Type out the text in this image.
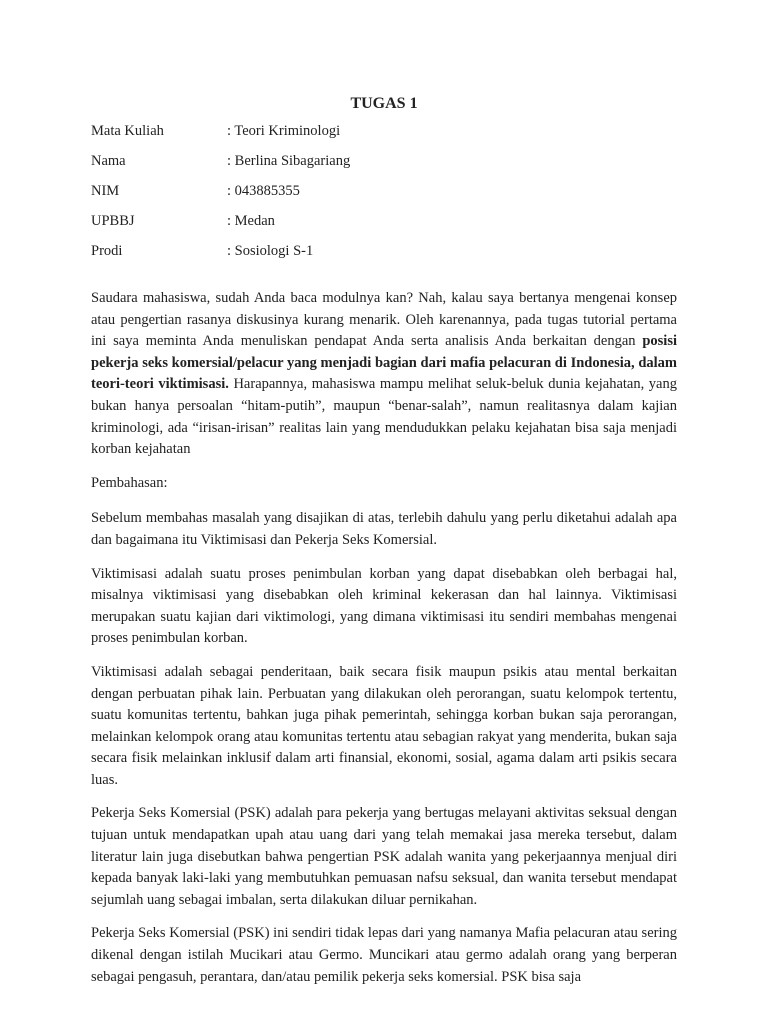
TUGAS 1
Mata Kuliah	: Teori Kriminologi
Nama	: Berlina Sibagariang
NIM	: 043885355
UPBBJ	: Medan
Prodi	: Sosiologi S-1

Saudara mahasiswa, sudah Anda baca modulnya kan? Nah, kalau saya bertanya mengenai konsep atau pengertian rasanya diskusinya kurang menarik. Oleh karenannya, pada tugas tutorial pertama ini saya meminta Anda menuliskan pendapat Anda serta analisis Anda berkaitan dengan posisi pekerja seks komersial/pelacur yang menjadi bagian dari mafia pelacuran di Indonesia, dalam teori-teori viktimisasi. Harapannya, mahasiswa mampu melihat seluk-beluk dunia kejahatan, yang bukan hanya persoalan “hitam-putih”, maupun “benar-salah”, namun realitasnya dalam kajian kriminologi, ada “irisan-irisan” realitas lain yang mendudukkan pelaku kejahatan bisa saja menjadi korban kejahatan

Pembahasan:

Sebelum membahas masalah yang disajikan di atas, terlebih dahulu yang perlu diketahui adalah apa dan bagaimana itu Viktimisasi dan Pekerja Seks Komersial.

Viktimisasi adalah suatu proses penimbulan korban yang dapat disebabkan oleh berbagai hal, misalnya viktimisasi yang disebabkan oleh kriminal kekerasan dan hal lainnya. Viktimisasi merupakan suatu kajian dari viktimologi, yang dimana viktimisasi itu sendiri membahas mengenai proses penimbulan korban.

Viktimisasi adalah sebagai penderitaan, baik secara fisik maupun psikis atau mental berkaitan dengan perbuatan pihak lain. Perbuatan yang dilakukan oleh perorangan, suatu kelompok tertentu, suatu komunitas tertentu, bahkan juga pihak pemerintah, sehingga korban bukan saja perorangan, melainkan kelompok orang atau komunitas tertentu atau sebagian rakyat yang menderita, bukan saja secara fisik melainkan inklusif dalam arti finansial, ekonomi, sosial, agama dalam arti psikis secara luas.

Pekerja Seks Komersial (PSK) adalah para pekerja yang bertugas melayani aktivitas seksual dengan tujuan untuk mendapatkan upah atau uang dari yang telah memakai jasa mereka tersebut, dalam literatur lain juga disebutkan bahwa pengertian PSK adalah wanita yang pekerjaannya menjual diri kepada banyak laki-laki yang membutuhkan pemuasan nafsu seksual, dan wanita tersebut mendapat sejumlah uang sebagai imbalan, serta dilakukan diluar pernikahan.

Pekerja Seks Komersial (PSK) ini sendiri tidak lepas dari yang namanya Mafia pelacuran atau sering dikenal dengan istilah Mucikari atau Germo. Muncikari atau germo adalah orang yang berperan sebagai pengasuh, perantara, dan/atau pemilik pekerja seks komersial. PSK bisa saja
